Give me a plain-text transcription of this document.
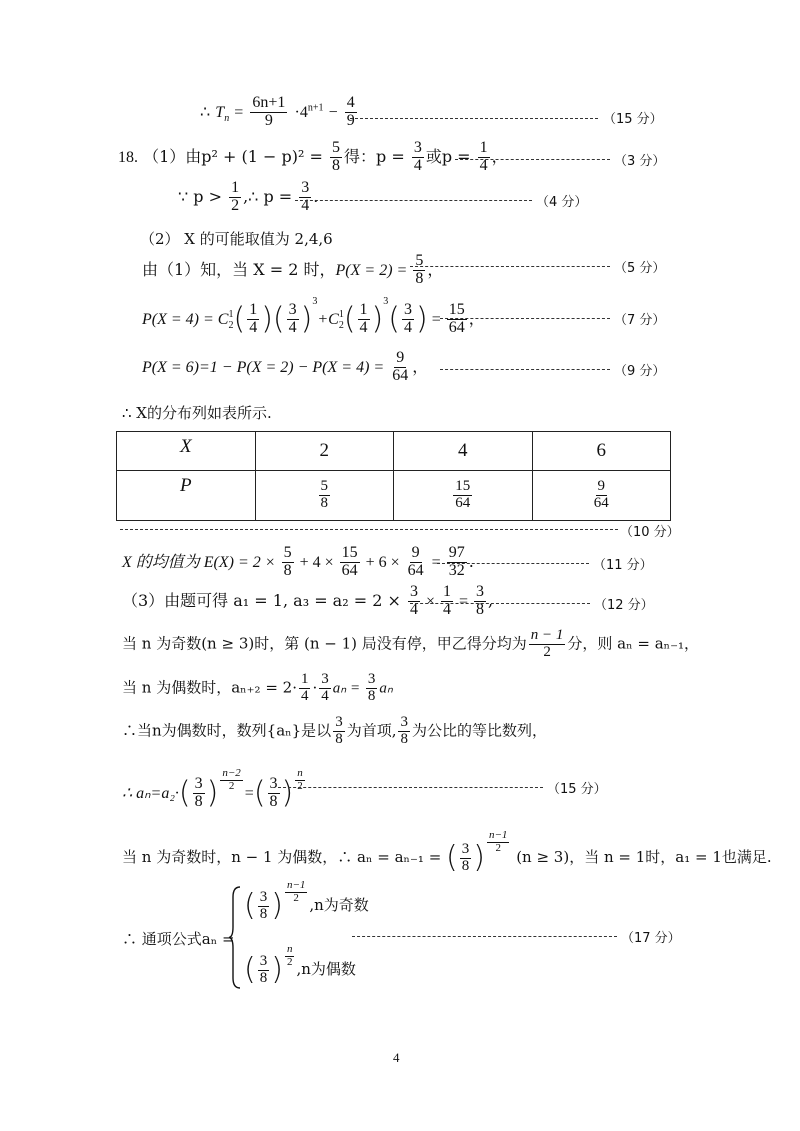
∴ $T_n = \frac{6n+1}{9} \cdot 4^{n+1} - \frac{4}{9}$	（15 分）
18. （1）由$p^2 + (1 - p)^2 = \frac{5}{8}$ 得：$p = \frac{3}{4}$ 或$p = \frac{1}{4}$ ，	（3 分）
∵ $p > \frac{1}{2}$ ,∴ $p = \frac{3}{4}$ .	（4 分）
（2） X 的可能取值为 2,4,6
由（1）知，当 X = 2 时，$P(X = 2) = \frac{5}{8}$ ，	（5 分）
P(X = 4) = C 1
2 ( $\frac{1}{4}$ )( $\frac{3}{4} )^3+C$ 1
2 ( $\frac{1}{4} )^3( \frac{3}{4}$ ) = $\frac{15}{64}$ ，	（7 分）
$P(X = 6)=1 - P(X = 2) - P(X = 4) = \frac{9}{64}$ ，	（9 分）
∴ X的分布列如表所示.
X	2	4	6
P	$\frac{5}{8}$	$\frac{15}{64}$	$\frac{9}{64}$
（10 分）
X 的均值为 $E(X) = 2 \times \frac{5}{8} + 4 \times \frac{15}{64} + 6 \times \frac{9}{64} = \frac{97}{32}$ .	（11 分）
（3）由题可得 a₁ = 1, $a_3 = a_2 = 2 \times \frac{3}{4} \times \frac{1}{4} = \frac{3}{8}$ ,	（12 分）
当 n 为奇数(n ≥ 3)时，第 (n − 1) 局没有停，甲乙得分均为 $\frac{n - 1}{2}$ 分，则 aₙ = aₙ₋₁，
当 n 为偶数时，$a_{n+2} = 2\cdot \frac{1}{4} \cdot \frac{3}{4}$ $a_n = \frac{3}{8}$ aₙ
∴当n为偶数时，数列{aₙ}是以 $\frac{3}{8}$ 为首项, $\frac{3}{8}$ 为公比的等比数列，
∴ $a_n=a_2\cdot( \frac{3}{8}$ ) $\frac{n-2}{2}$
=( $\frac{3}{8}$ ) $\frac{n}{2}$	（15 分）
当 n 为奇数时，n − 1 为偶数，∴ aₙ = aₙ₋₁ = ( $\frac{3}{8}$ ) $\frac{n-1}{2}$
(n ≥ 3)，当 n = 1时，a₁ = 1也满足.
∴ 通项公式aₙ =
( $\frac{3}{8}$ ) $\frac{n-1}{2}$
,n为奇数
( $\frac{3}{8}$ ) $\frac{n}{2}$
,n为偶数
（17 分）
4
